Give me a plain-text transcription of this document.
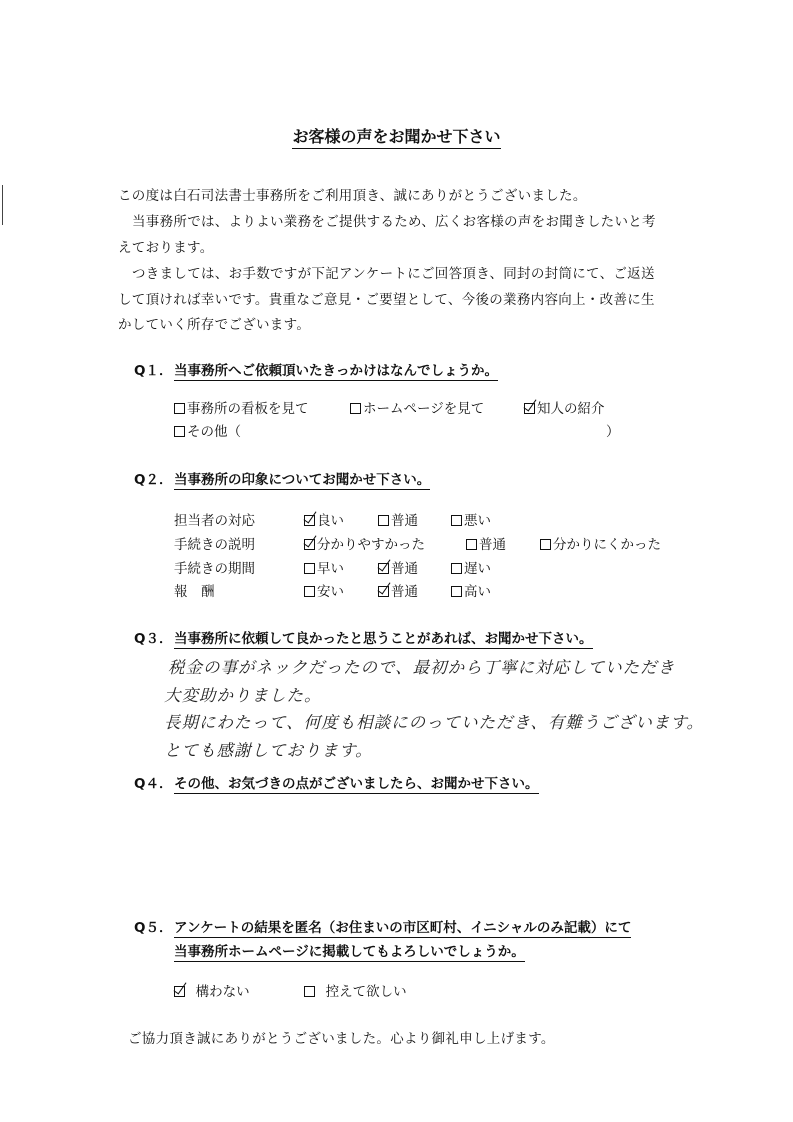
お客様の声をお聞かせ下さい
この度は白石司法書士事務所をご利用頂き、誠にありがとうございました。
当事務所では、よりよい業務をご提供するため、広くお客様の声をお聞きしたいと考
えております。
つきましては、お手数ですが下記アンケートにご回答頂き、同封の封筒にて、ご返送
して頂ければ幸いです。貴重なご意見・ご要望として、今後の業務内容向上・改善に生
かしていく所存でございます。
Q１． 当事務所へご依頼頂いたきっかけはなんでしょうか。
事務所の看板を見て	ホームページを見て	知人の紹介
その他（	）
Q２． 当事務所の印象についてお聞かせ下さい。
担当者の対応	良い	普通	悪い
手続きの説明	分かりやすかった	普通	分かりにくかった
手続きの期間	早い	普通	遅い
報　酬	安い	普通	高い
Q３． 当事務所に依頼して良かったと思うことがあれば、お聞かせ下さい。
税金の事がネックだったので、最初から丁寧に対応していただき
大変助かりました。
長期にわたって、何度も相談にのっていただき、有難うございます。
とても感謝しております。
Q４． その他、お気づきの点がございましたら、お聞かせ下さい。
Q５． アンケートの結果を匿名（お住まいの市区町村、イニシャルのみ記載）にて
当事務所ホームページに掲載してもよろしいでしょうか。
構わない	控えて欲しい
ご協力頂き誠にありがとうございました。心より御礼申し上げます。
